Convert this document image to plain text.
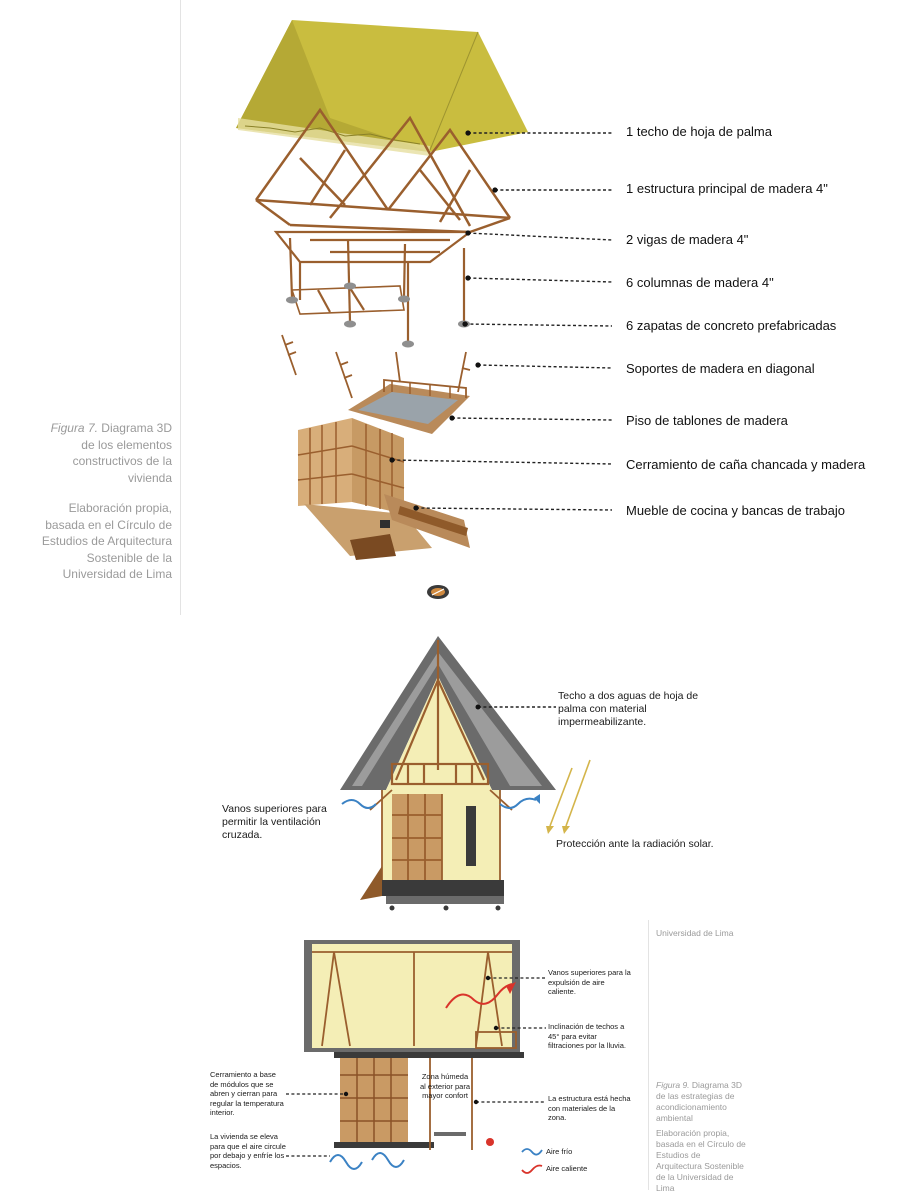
Figura 7. Diagrama 3D de los elementos constructivos de la vivienda
Elaboración propia, basada en el Círculo de Estudios de Arquitectura Sostenible de la Universidad de Lima
1 techo de hoja de palma
1 estructura principal de madera 4"
2 vigas de madera 4"
6 columnas de madera 4"
6 zapatas de concreto prefabricadas
Soportes de madera en diagonal
Piso de tablones de madera
Cerramiento de caña chancada y madera
Mueble de cocina y bancas de trabajo
Techo a dos aguas de hoja de palma con material impermeabilizante.
Vanos superiores para permitir la ventilación cruzada.
Protección ante la radiación solar.
Universidad de Lima
Vanos superiores para la expulsión de aire caliente.
Inclinación de techos a 45° para evitar filtraciones por la lluvia.
Cerramiento a base de módulos que se abren y cierran para regular la temperatura interior.
Zona húmeda al exterior para mayor confort	La estructura está hecha con materiales de la zona.
La vivienda se eleva para que el aire circule por debajo y enfríe los espacios.
Aire frío
Aire caliente
Figura 9. Diagrama 3D de las estrategias de acondicionamiento ambiental
Elaboración propia, basada en el Círculo de Estudios de Arquitectura Sostenible de la Universidad de Lima
